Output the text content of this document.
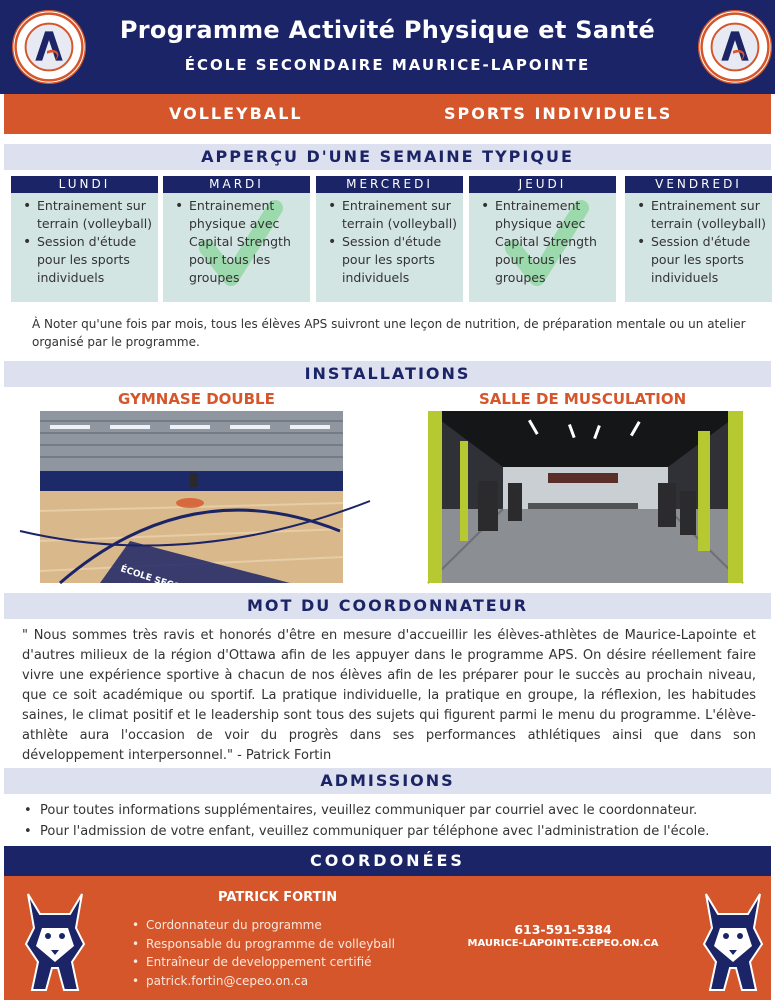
Programme Activité Physique et Santé
ÉCOLE SECONDAIRE MAURICE-LAPOINTE
VOLLEYBALL	SPORTS INDIVIDUELS
APPERÇU D'UNE SEMAINE TYPIQUE
LUNDI
• Entrainement sur terrain (volleyball)
• Session d'étude pour les sports individuels
MARDI
• Entrainement physique avec Capital Strength pour tous les groupes
MERCREDI
• Entrainement sur terrain (volleyball)
• Session d'étude pour les sports individuels
JEUDI
• Entrainement physique avec Capital Strength pour tous les groupes
VENDREDI
• Entrainement sur terrain (volleyball)
• Session d'étude pour les sports individuels
À Noter qu'une fois par mois, tous les élèves APS suivront une leçon de nutrition, de préparation mentale ou un atelier organisé par le programme.
INSTALLATIONS
GYMNASE DOUBLE	SALLE DE MUSCULATION
MOT DU COORDONNATEUR
" Nous sommes très ravis et honorés d'être en mesure d'accueillir les élèves-athlètes de Maurice-Lapointe et d'autres milieux de la région d'Ottawa afin de les appuyer dans le programme APS. On désire réellement faire vivre une expérience sportive à chacun de nos élèves afin de les préparer pour le succès au prochain niveau, que ce soit académique ou sportif. La pratique individuelle, la pratique en groupe, la réflexion, les habitudes saines, le climat positif et le leadership sont tous des sujets qui figurent parmi le menu du programme. L'élève-athlète aura l'occasion de voir du progrès dans ses performances athlétiques ainsi que dans son développement interpersonnel." - Patrick Fortin
ADMISSIONS
• Pour toutes informations supplémentaires, veuillez communiquer par courriel avec le coordonnateur.
• Pour l'admission de votre enfant, veuillez communiquer par téléphone avec l'administration de l'école.
COORDONÉES
PATRICK FORTIN
• Cordonnateur du programme
• Responsable du programme de volleyball
• Entraîneur de developpement certifié
• patrick.fortin@cepeo.on.ca
613-591-5384
MAURICE-LAPOINTE.CEPEO.ON.CA
